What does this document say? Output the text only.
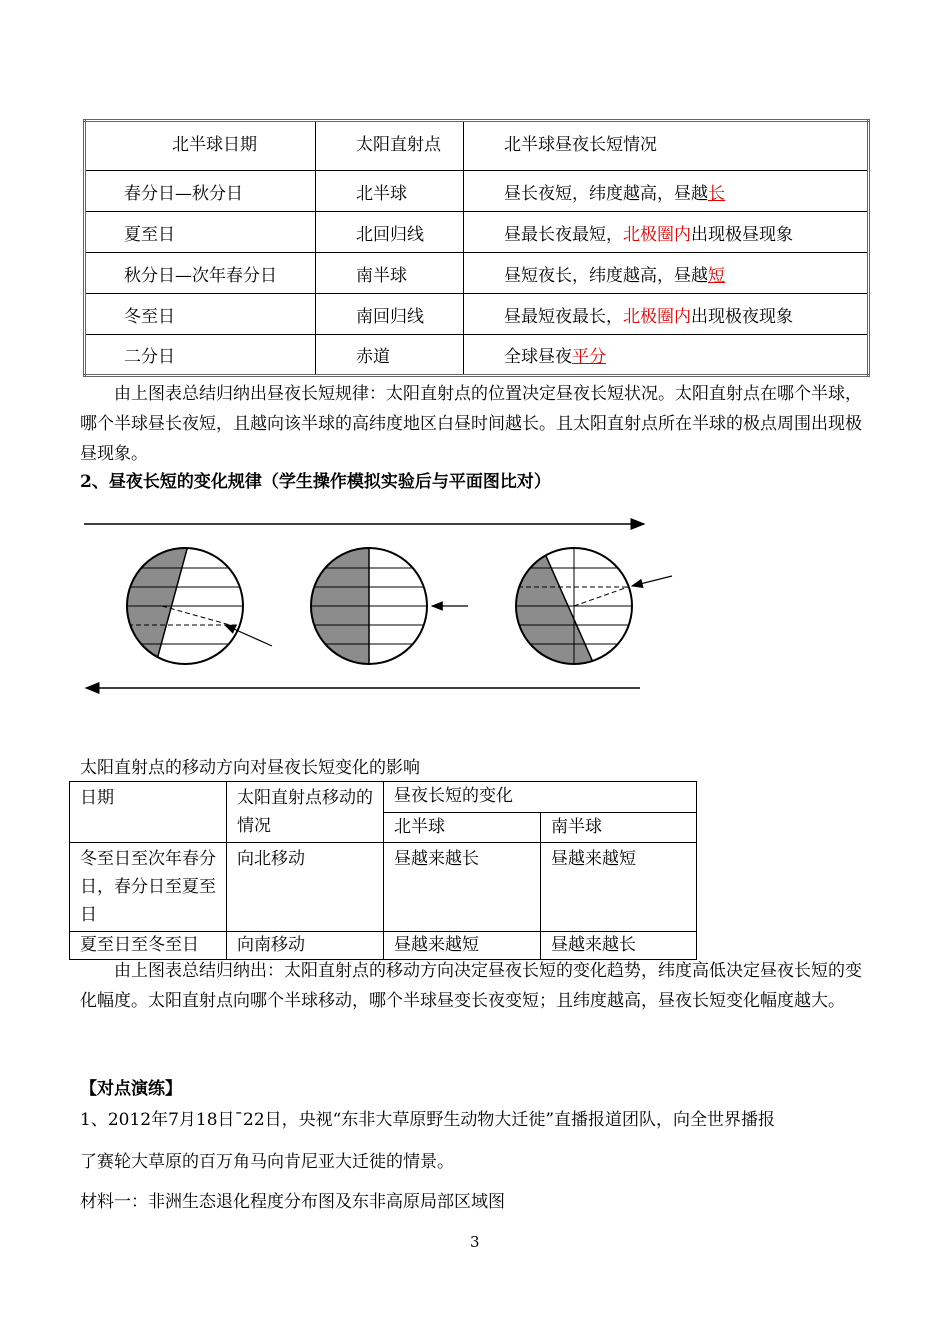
北半球日期	太阳直射点	北半球昼夜长短情况
春分日—秋分日	北半球	昼长夜短，纬度越高，昼越长
夏至日	北回归线	昼最长夜最短，北极圈内出现极昼现象
秋分日—次年春分日	南半球	昼短夜长，纬度越高，昼越短
冬至日	南回归线	昼最短夜最长，北极圈内出现极夜现象
二分日	赤道	全球昼夜平分
由上图表总结归纳出昼夜长短规律：太阳直射点的位置决定昼夜长短状况。太阳直射点在哪个半球，哪个半球昼长夜短，且越向该半球的高纬度地区白昼时间越长。且太阳直射点所在半球的极点周围出现极昼现象。
2、昼夜长短的变化规律（学生操作模拟实验后与平面图比对）
太阳直射点的移动方向对昼夜长短变化的影响
日期	太阳直射点移动的情况	昼夜长短的变化	
		北半球	南半球
冬至日至次年春分日，春分日至夏至日	向北移动	昼越来越长	昼越来越短
夏至日至冬至日	向南移动	昼越来越短	昼越来越长
由上图表总结归纳出：太阳直射点的移动方向决定昼夜长短的变化趋势，纬度高低决定昼夜长短的变化幅度。太阳直射点向哪个半球移动，哪个半球昼变长夜变短；且纬度越高，昼夜长短变化幅度越大。
【对点演练】
1、2012年7月18日¯22日，央视“东非大草原野生动物大迁徙”直播报道团队，向全世界播报
了赛轮大草原的百万角马向肯尼亚大迁徙的情景。
材料一：非洲生态退化程度分布图及东非高原局部区域图
3
